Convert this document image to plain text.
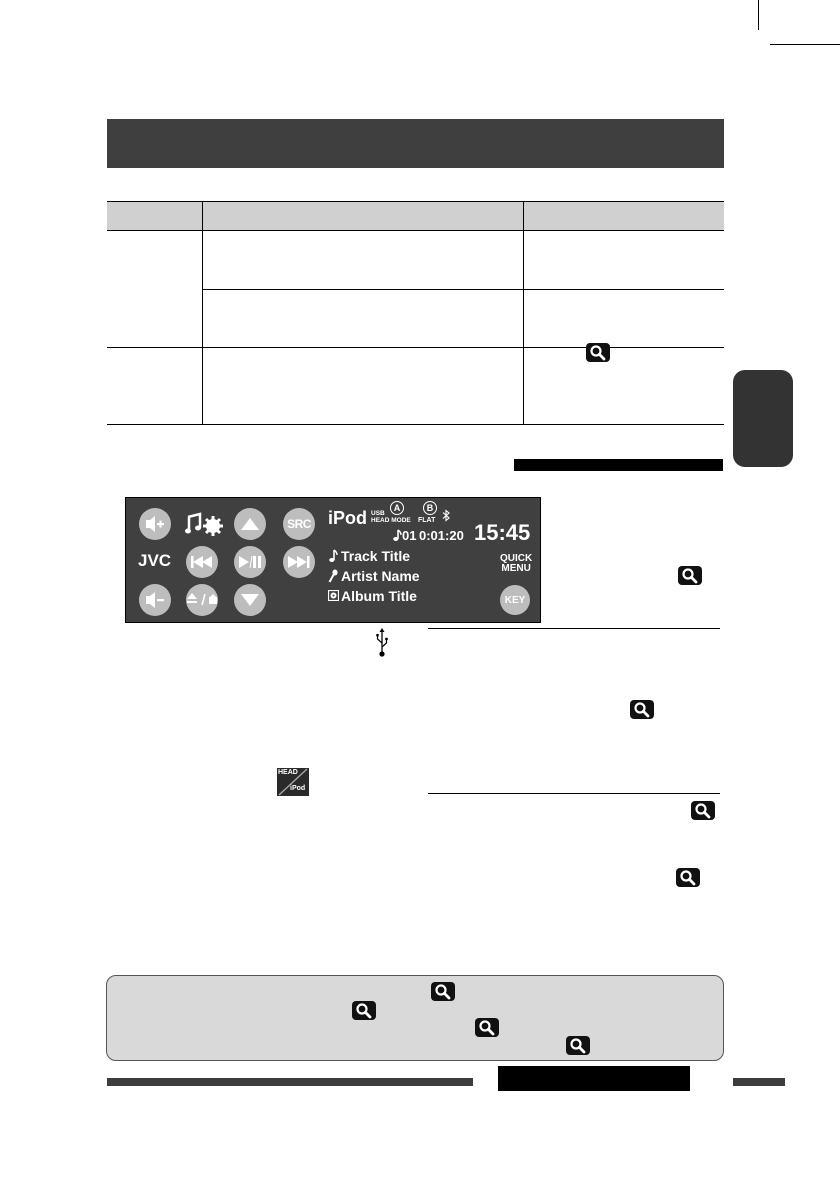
SRC
JVC
iPod USB
HEAD MODE
A	B
FLAT
01 0:01:20 15:45
Track Title
Artist Name
Album Title
QUICK
MENU
KEY

HEAD
iPod
